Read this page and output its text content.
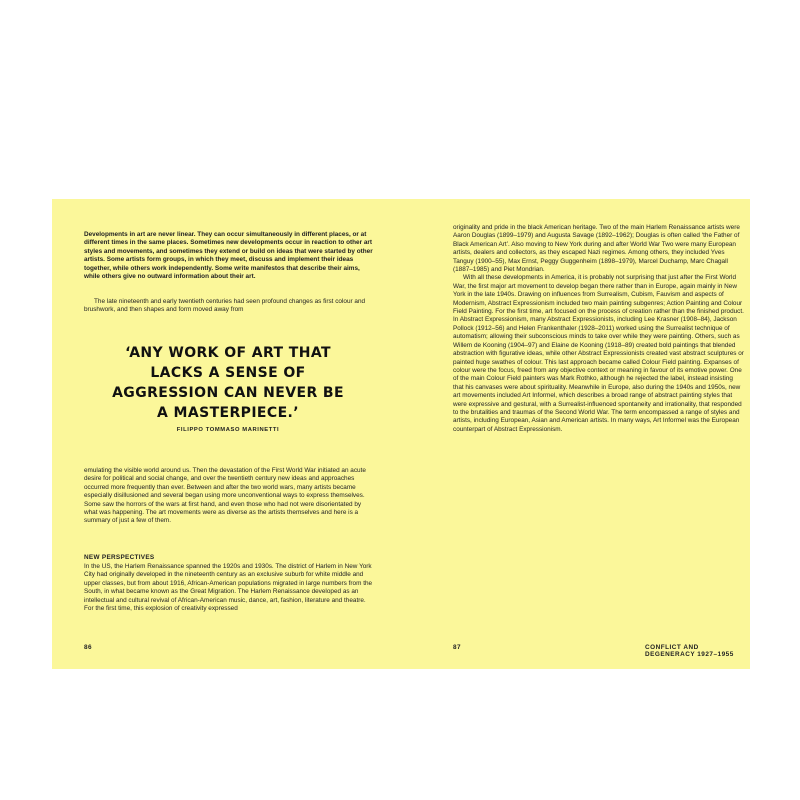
Developments in art are never linear. They can occur simultaneously in different places, or at different times in the same places. Sometimes new developments occur in reaction to other art styles and movements, and sometimes they extend or build on ideas that were started by other artists. Some artists form groups, in which they meet, discuss and implement their ideas together, while others work independently. Some write manifestos that describe their aims, while others give no outward information about their art.

The late nineteenth and early twentieth centuries had seen profound changes as first colour and brushwork, and then shapes and form moved away from

‘ANY WORK OF ART THAT LACKS A SENSE OF AGGRESSION CAN NEVER BE A MASTERPIECE.’
FILIPPO TOMMASO MARINETTI

emulating the visible world around us. Then the devastation of the First World War initiated an acute desire for political and social change, and over the twentieth century new ideas and approaches occurred more frequently than ever. Between and after the two world wars, many artists became especially disillusioned and several began using more unconventional ways to express themselves. Some saw the horrors of the wars at first hand, and even those who had not were disorientated by what was happening. The art movements were as diverse as the artists themselves and here is a summary of just a few of them.

NEW PERSPECTIVES

In the US, the Harlem Renaissance spanned the 1920s and 1930s. The district of Harlem in New York City had originally developed in the nineteenth century as an exclusive suburb for white middle and upper classes, but from about 1916, African-American populations migrated in large numbers from the South, in what became known as the Great Migration. The Harlem Renaissance developed as an intellectual and cultural revival of African-American music, dance, art, fashion, literature and theatre. For the first time, this explosion of creativity expressed

86

originality and pride in the black American heritage. Two of the main Harlem Renaissance artists were Aaron Douglas (1899–1979) and Augusta Savage (1892–1962); Douglas is often called ‘the Father of Black American Art’. Also moving to New York during and after World War Two were many European artists, dealers and collectors, as they escaped Nazi regimes. Among others, they included Yves Tanguy (1900–55), Max Ernst, Peggy Guggenheim (1898–1979), Marcel Duchamp, Marc Chagall (1887–1985) and Piet Mondrian.

With all these developments in America, it is probably not surprising that just after the First World War, the first major art movement to develop began there rather than in Europe, again mainly in New York in the late 1940s. Drawing on influences from Surrealism, Cubism, Fauvism and aspects of Modernism, Abstract Expressionism included two main painting subgenres; Action Painting and Colour Field Painting. For the first time, art focused on the process of creation rather than the finished product. In Abstract Expressionism, many Abstract Expressionists, including Lee Krasner (1908–84), Jackson Pollock (1912–56) and Helen Frankenthaler (1928–2011) worked using the Surrealist technique of automatism; allowing their subconscious minds to take over while they were painting. Others, such as Willem de Kooning (1904–97) and Elaine de Kooning (1918–89) created bold paintings that blended abstraction with figurative ideas, while other Abstract Expressionists created vast abstract sculptures or painted huge swathes of colour. This last approach became called Colour Field painting. Expanses of colour were the focus, freed from any objective context or meaning in favour of its emotive power. One of the main Colour Field painters was Mark Rothko, although he rejected the label, instead insisting that his canvases were about spirituality. Meanwhile in Europe, also during the 1940s and 1950s, new art movements included Art Informel, which describes a broad range of abstract painting styles that were expressive and gestural, with a Surrealist-influenced spontaneity and irrationality, that responded to the brutalities and traumas of the Second World War. The term encompassed a range of styles and artists, including European, Asian and American artists. In many ways, Art Informel was the European counterpart of Abstract Expressionism.

87	CONFLICT AND DEGENERACY 1927–1955
